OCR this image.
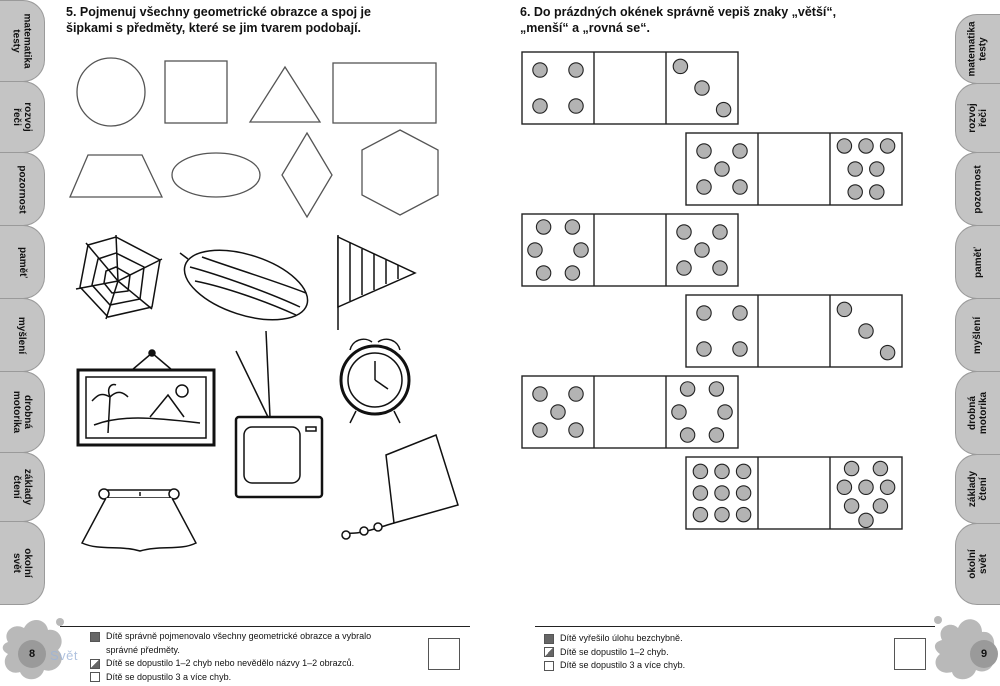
matematika
testy
rozvoj řeči
pozornost
paměť
myšlení
drobná
motorika
základy
čtení
okolní svět
matematika
testy
rozvoj řeči
pozornost
paměť
myšlení
drobná
motorika
základy
čtení
okolní svět
5. Pojmenuj všechny geometrické obrazce a spoj je
šipkami s předměty, které se jim tvarem podobají.
6. Do prázdných okének správně vepiš znaky „větší“,
„menší“ a „rovná se“.
Dítě správně pojmenovalo všechny geometrické obrazce a vybralo
správné předměty.
Dítě se dopustilo 1–2 chyb nebo nevědělo názvy 1–2 obrazců.
Dítě se dopustilo 3 a více chyb.
Dítě vyřešilo úlohu bezchybně.
Dítě se dopustilo 1–2 chyb.
Dítě se dopustilo 3 a více chyb.
8	Svět	9
